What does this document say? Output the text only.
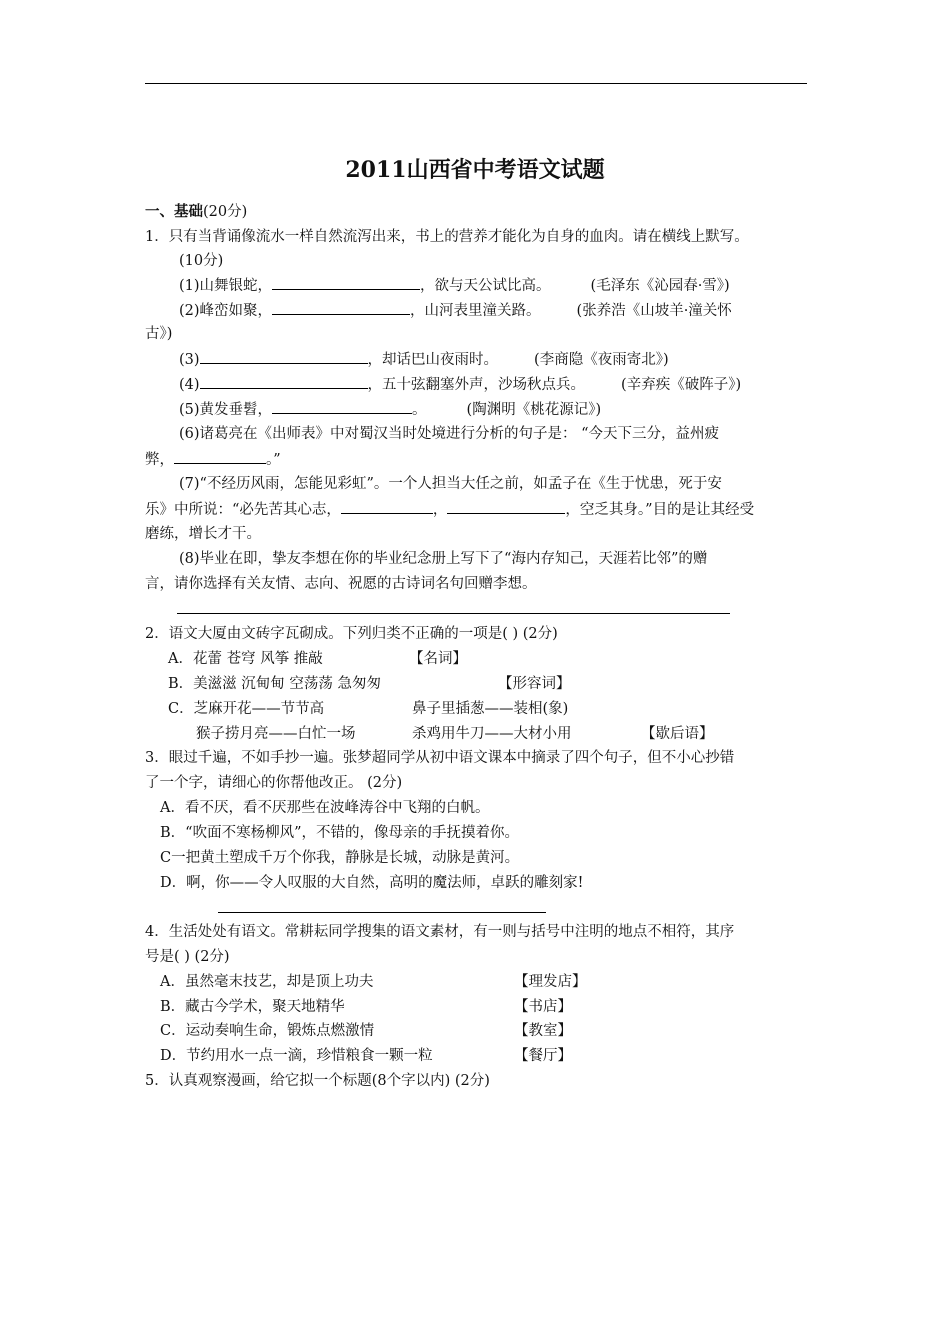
2011山西省中考语文试题
一、基础(20分)
1．只有当背诵像流水一样自然流泻出来，书上的营养才能化为自身的血肉。请在横线上默写。
(10分)
(1)山舞银蛇，	，欲与天公试比高。	(毛泽东《沁园春·雪》)
(2)峰峦如聚，	，山河表里潼关路。 (张养浩《山坡羊·潼关怀
古》)
(3)	，却话巴山夜雨时。 (李商隐《夜雨寄北》)
(4)	，五十弦翻塞外声，沙场秋点兵。 (辛弃疾《破阵子》)
(5)黄发垂髫，	。	(陶渊明《桃花源记》)
(6)诸葛亮在《出师表》中对蜀汉当时处境进行分析的句子是： “今天下三分，益州疲
弊，	。”
(7)“不经历风雨，怎能见彩虹”。一个人担当大任之前，如孟子在《生于忧患，死于安
乐》中所说：“必先苦其心志，	，	，空乏其身。”目的是让其经受
磨练，增长才干。
(8)毕业在即，挚友李想在你的毕业纪念册上写下了“海内存知己，天涯若比邻”的赠
言，请你选择有关友情、志向、祝愿的古诗词名句回赠李想。
2．语文大厦由文砖字瓦砌成。下列归类不正确的一项是( ) (2分)
A．花蕾 苍穹 风筝 推敲	【名词】
B．美滋滋 沉甸甸 空荡荡 急匆匆	【形容词】
C．芝麻开花——节节高	鼻子里插葱——装相(象)
猴子捞月亮——白忙一场	杀鸡用牛刀——大材小用	【歇后语】
3．眼过千遍，不如手抄一遍。张梦超同学从初中语文课本中摘录了四个句子，但不小心抄错
了一个字，请细心的你帮他改正。 (2分)
A．看不厌，看不厌那些在波峰涛谷中飞翔的白帆。
B．“吹面不寒杨柳风”，不错的，像母亲的手抚摸着你。
C一把黄土塑成千万个你我，静脉是长城，动脉是黄河。
D．啊，你——令人叹服的大自然，高明的魔法师，卓跃的雕刻家!
4．生活处处有语文。常耕耘同学搜集的语文素材，有一则与括号中注明的地点不相符，其序
号是( ) (2分)
A．虽然毫末技艺，却是顶上功夫	【理发店】
B．藏古今学术，聚天地精华	【书店】
C．运动奏响生命，锻炼点燃激情	【教室】
D．节约用水一点一滴，珍惜粮食一颗一粒	【餐厅】
5．认真观察漫画，给它拟一个标题(8个字以内) (2分)
